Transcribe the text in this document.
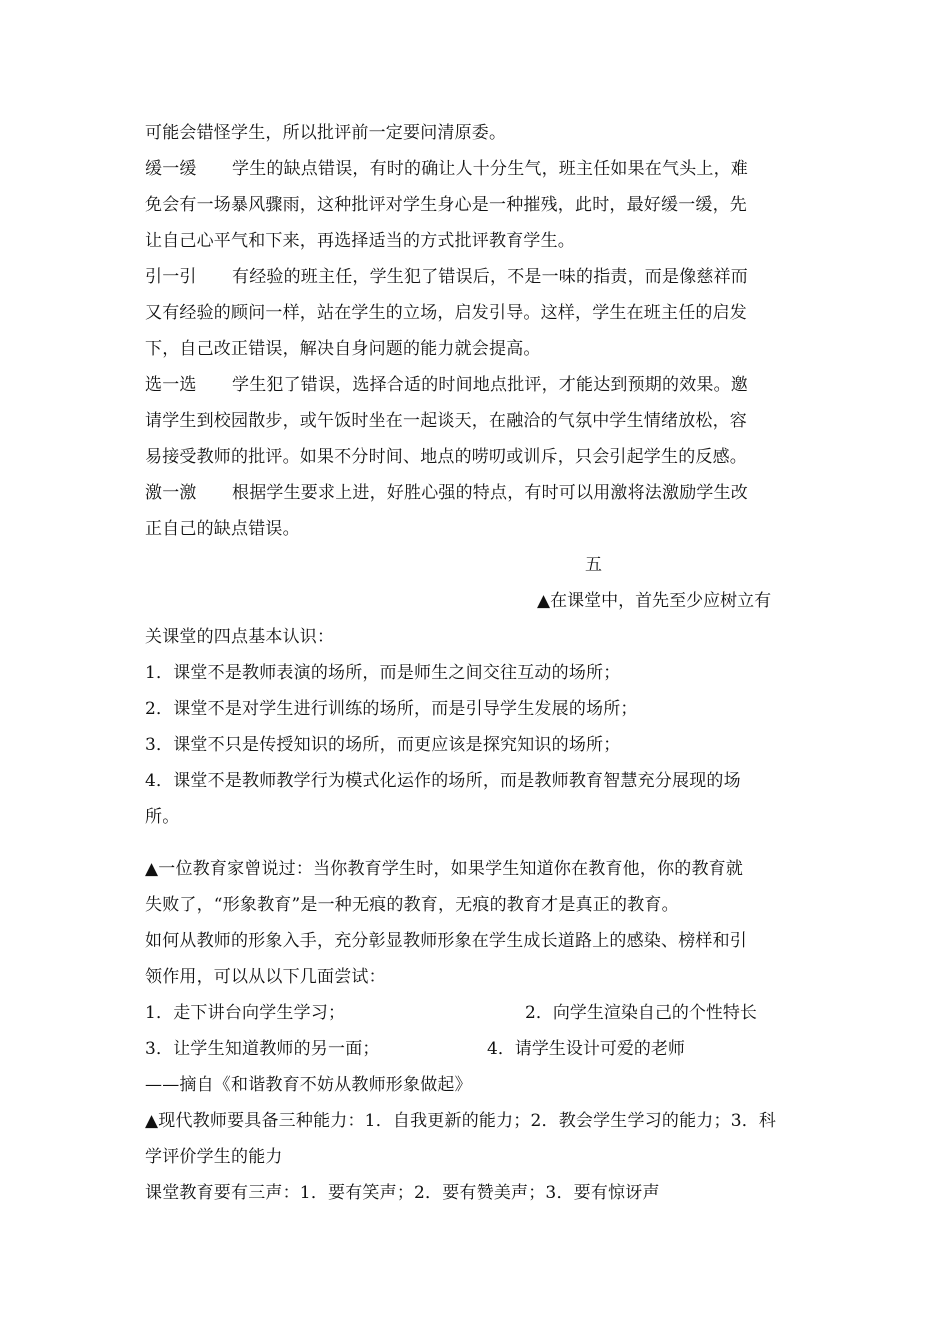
可能会错怪学生，所以批评前一定要问清原委。
缓一缓 学生的缺点错误，有时的确让人十分生气，班主任如果在气头上，难
免会有一场暴风骤雨，这种批评对学生身心是一种摧残，此时，最好缓一缓，先
让自己心平气和下来，再选择适当的方式批评教育学生。
引一引 有经验的班主任，学生犯了错误后，不是一味的指责，而是像慈祥而
又有经验的顾问一样，站在学生的立场，启发引导。这样，学生在班主任的启发
下，自己改正错误，解决自身问题的能力就会提高。
选一选 学生犯了错误，选择合适的时间地点批评，才能达到预期的效果。邀
请学生到校园散步，或午饭时坐在一起谈天，在融洽的气氛中学生情绪放松，容
易接受教师的批评。如果不分时间、地点的唠叨或训斥，只会引起学生的反感。
激一激 根据学生要求上进，好胜心强的特点，有时可以用激将法激励学生改
正自己的缺点错误。
五
▲在课堂中，首先至少应树立有
关课堂的四点基本认识：
1．课堂不是教师表演的场所，而是师生之间交往互动的场所；
2．课堂不是对学生进行训练的场所，而是引导学生发展的场所；
3．课堂不只是传授知识的场所，而更应该是探究知识的场所；
4．课堂不是教师教学行为模式化运作的场所，而是教师教育智慧充分展现的场
所。
▲一位教育家曾说过：当你教育学生时，如果学生知道你在教育他，你的教育就
失败了，“形象教育”是一种无痕的教育，无痕的教育才是真正的教育。
如何从教师的形象入手，充分彰显教师形象在学生成长道路上的感染、榜样和引
领作用，可以从以下几面尝试：
1．走下讲台向学生学习；	2．向学生渲染自己的个性特长
3．让学生知道教师的另一面；	4．请学生设计可爱的老师
——摘自《和谐教育不妨从教师形象做起》
▲现代教师要具备三种能力：1．自我更新的能力；2．教会学生学习的能力；3．科
学评价学生的能力
课堂教育要有三声：1．要有笑声；2．要有赞美声；3．要有惊讶声
